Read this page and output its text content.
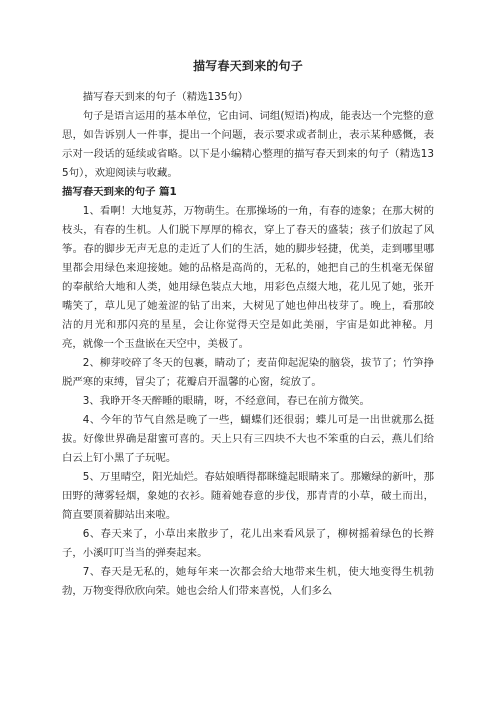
描写春天到来的句子

描写春天到来的句子（精选135句）

句子是语言运用的基本单位，它由词、词组(短语)构成，能表达一个完整的意思，如告诉别人一件事，提出一个问题，表示要求或者制止，表示某种感慨，表示对一段话的延续或省略。以下是小编精心整理的描写春天到来的句子（精选135句），欢迎阅读与收藏。

描写春天到来的句子 篇1

1、看啊！大地复苏，万物萌生。在那操场的一角，有春的迹象；在那大树的枝头，有春的生机。人们脱下厚厚的棉衣，穿上了春天的盛装；孩子们放起了风筝。春的脚步无声无息的走近了人们的生活，她的脚步轻捷，优美，走到哪里哪里都会用绿色来迎接她。她的品格是高尚的，无私的，她把自己的生机毫无保留的奉献给大地和人类，她用绿色装点大地，用彩色点缀大地，花儿见了她，张开嘴笑了，草儿见了她羞涩的钻了出来，大树见了她也伸出枝芽了。晚上，看那皎洁的月光和那闪亮的星星，会让你觉得天空是如此美丽，宇宙是如此神秘。月亮，就像一个玉盘嵌在天空中，美极了。

2、柳芽咬碎了冬天的包裹，睛动了；麦苗仰起泥染的脑袋，拔节了；竹笋挣脱严寒的束缚，冒尖了；花瓣启开温馨的心窗，绽放了。

3、我睁开冬天醉睡的眼睛，呀，不经意间，春已在前方微笑。

4、今年的节气自然是晚了一些，蝴蝶们还很弱；蝶儿可是一出世就那么挺拔。好像世界确是甜蜜可喜的。天上只有三四块不大也不笨重的白云，燕儿们给白云上钉小黑了子玩呢。

5、万里晴空，阳光灿烂。春姑娘晒得都眯缝起眼睛来了。那嫩绿的新叶，那田野的薄雾轻烟，象她的衣衫。随着她春意的步伐，那青青的小草，破土而出，简直要顶着脚站出来啦。

6、春天来了，小草出来散步了，花儿出来看风景了，柳树摇着绿色的长辫子，小溪叮叮当当的弹奏起来。

7、春天是无私的，她每年来一次都会给大地带来生机，使大地变得生机勃勃，万物变得欣欣向荣。她也会给人们带来喜悦，人们多么
